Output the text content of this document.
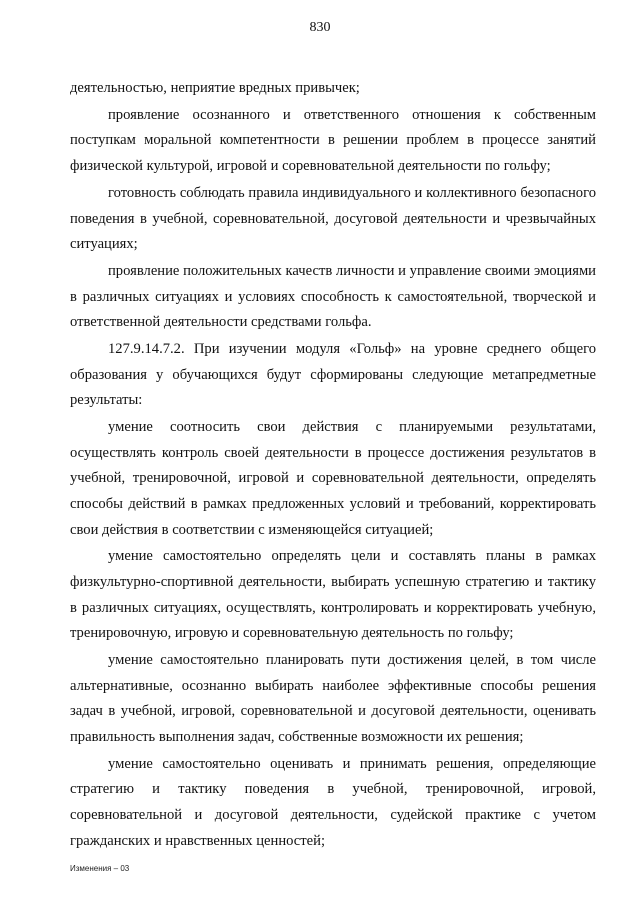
830

деятельностью, неприятие вредных привычек;

проявление осознанного и ответственного отношения к собственным поступкам моральной компетентности в решении проблем в процессе занятий физической культурой, игровой и соревновательной деятельности по гольфу;

готовность соблюдать правила индивидуального и коллективного безопасного поведения в учебной, соревновательной, досуговой деятельности и чрезвычайных ситуациях;

проявление положительных качеств личности и управление своими эмоциями в различных ситуациях и условиях способность к самостоятельной, творческой и ответственной деятельности средствами гольфа.

127.9.14.7.2. При изучении модуля «Гольф» на уровне среднего общего образования у обучающихся будут сформированы следующие метапредметные результаты:

умение соотносить свои действия с планируемыми результатами, осуществлять контроль своей деятельности в процессе достижения результатов в учебной, тренировочной, игровой и соревновательной деятельности, определять способы действий в рамках предложенных условий и требований, корректировать свои действия в соответствии с изменяющейся ситуацией;

умение самостоятельно определять цели и составлять планы в рамках физкультурно-спортивной деятельности, выбирать успешную стратегию и тактику в различных ситуациях, осуществлять, контролировать и корректировать учебную, тренировочную, игровую и соревновательную деятельность по гольфу;

умение самостоятельно планировать пути достижения целей, в том числе альтернативные, осознанно выбирать наиболее эффективные способы решения задач в учебной, игровой, соревновательной и досуговой деятельности, оценивать правильность выполнения задач, собственные возможности их решения;

умение самостоятельно оценивать и принимать решения, определяющие стратегию и тактику поведения в учебной, тренировочной, игровой, соревновательной и досуговой деятельности, судейской практике с учетом гражданских и нравственных ценностей;

Изменения – 03
